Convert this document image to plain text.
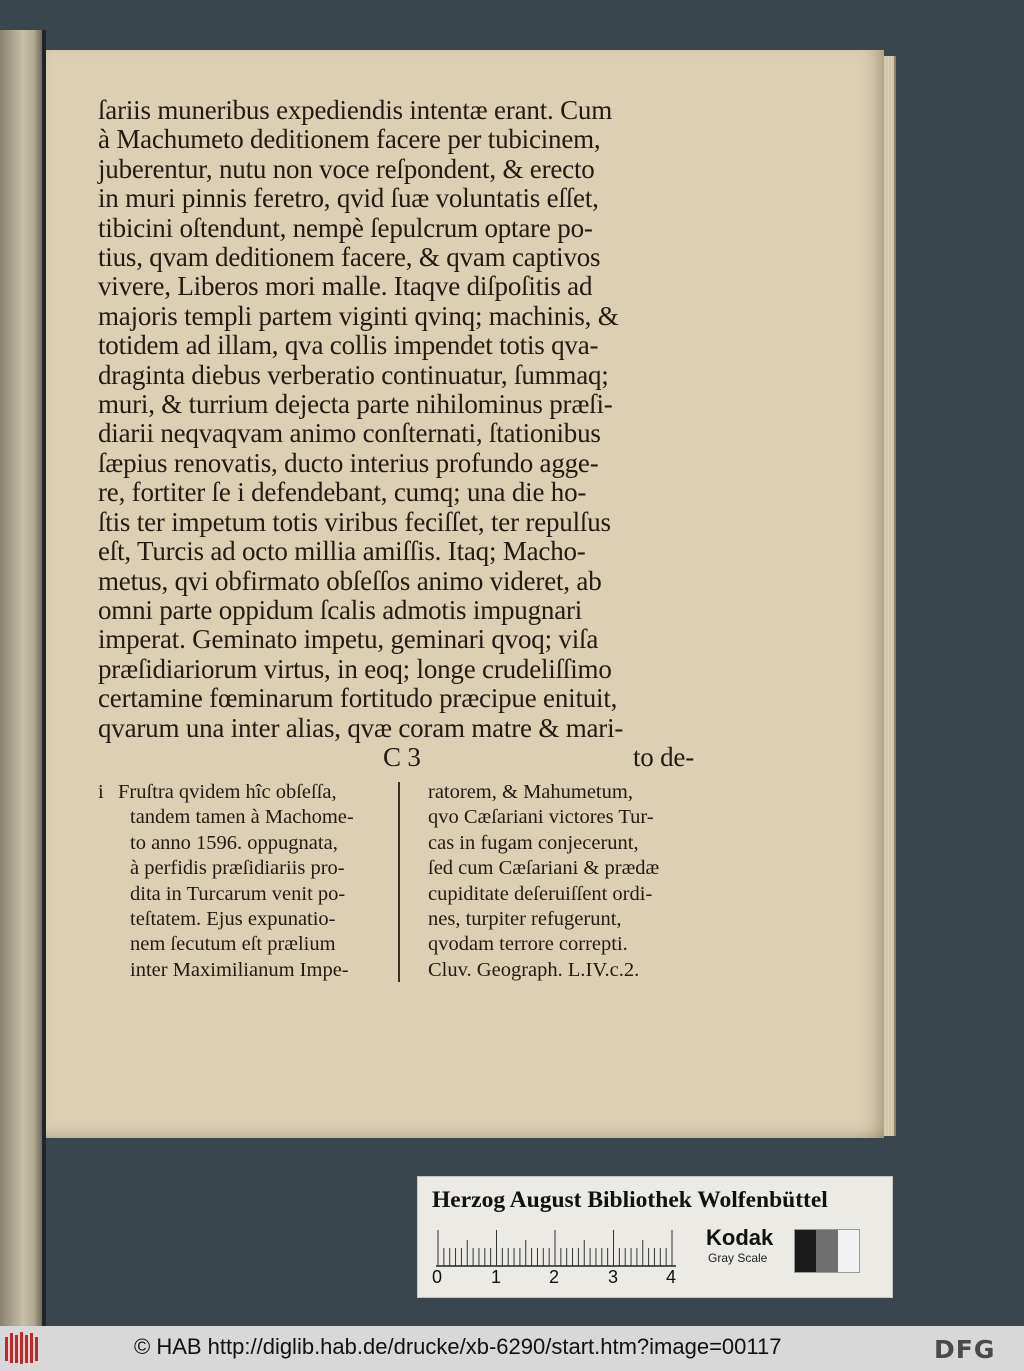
ſariis muneribus expediendis intentæ erant. Cum
à Machumeto deditionem facere per tubicinem,
juberentur, nutu non voce reſpondent, & erecto
in muri pinnis feretro, qvid ſuæ voluntatis eſſet,
tibicini oſtendunt, nempè ſepulcrum optare po-
tius, qvam deditionem facere, & qvam captivos
vivere, Liberos mori malle. Itaqve diſpoſitis ad
majoris templi partem viginti qvinq; machinis, &
totidem ad illam, qva collis impendet totis qva-
draginta diebus verberatio continuatur, ſummaq;
muri, & turrium dejecta parte nihilominus præſi-
diarii neqvaqvam animo conſternati, ſtationibus
ſæpius renovatis, ducto interius profundo agge-
re, fortiter ſe i defendebant, cumq; una die ho-
ſtis ter impetum totis viribus feciſſet, ter repulſus
eſt, Turcis ad octo millia amiſſis. Itaq; Macho-
metus, qvi obfirmato obſeſſos animo videret, ab
omni parte oppidum ſcalis admotis impugnari
imperat. Geminato impetu, geminari qvoq; viſa
præſidiariorum virtus, in eoq; longe crudeliſſimo
certamine fœminarum fortitudo præcipue enituit,
qvarum una inter alias, qvæ coram matre & mari-
C 3	to de-
i Fruſtra qvidem hîc obſeſſa,
tandem tamen à Machome-
to anno 1596. oppugnata,
à perfidis præſidiariis pro-
dita in Turcarum venit po-
teſtatem. Ejus expunatio-
nem ſecutum eſt prælium
inter Maximilianum Impe-
ratorem, & Mahumetum,
qvo Cæſariani victores Tur-
cas in fugam conjecerunt,
ſed cum Cæſariani & prædæ
cupiditate deſeruiſſent ordi-
nes, turpiter refugerunt,
qvodam terrore correpti.
Cluv. Geograph. L.IV.c.2.
Herzog August Bibliothek Wolfenbüttel
0	1	2	3	4
Kodak
Gray Scale
© HAB http://diglib.hab.de/drucke/xb-6290/start.htm?image=00117	DFG
